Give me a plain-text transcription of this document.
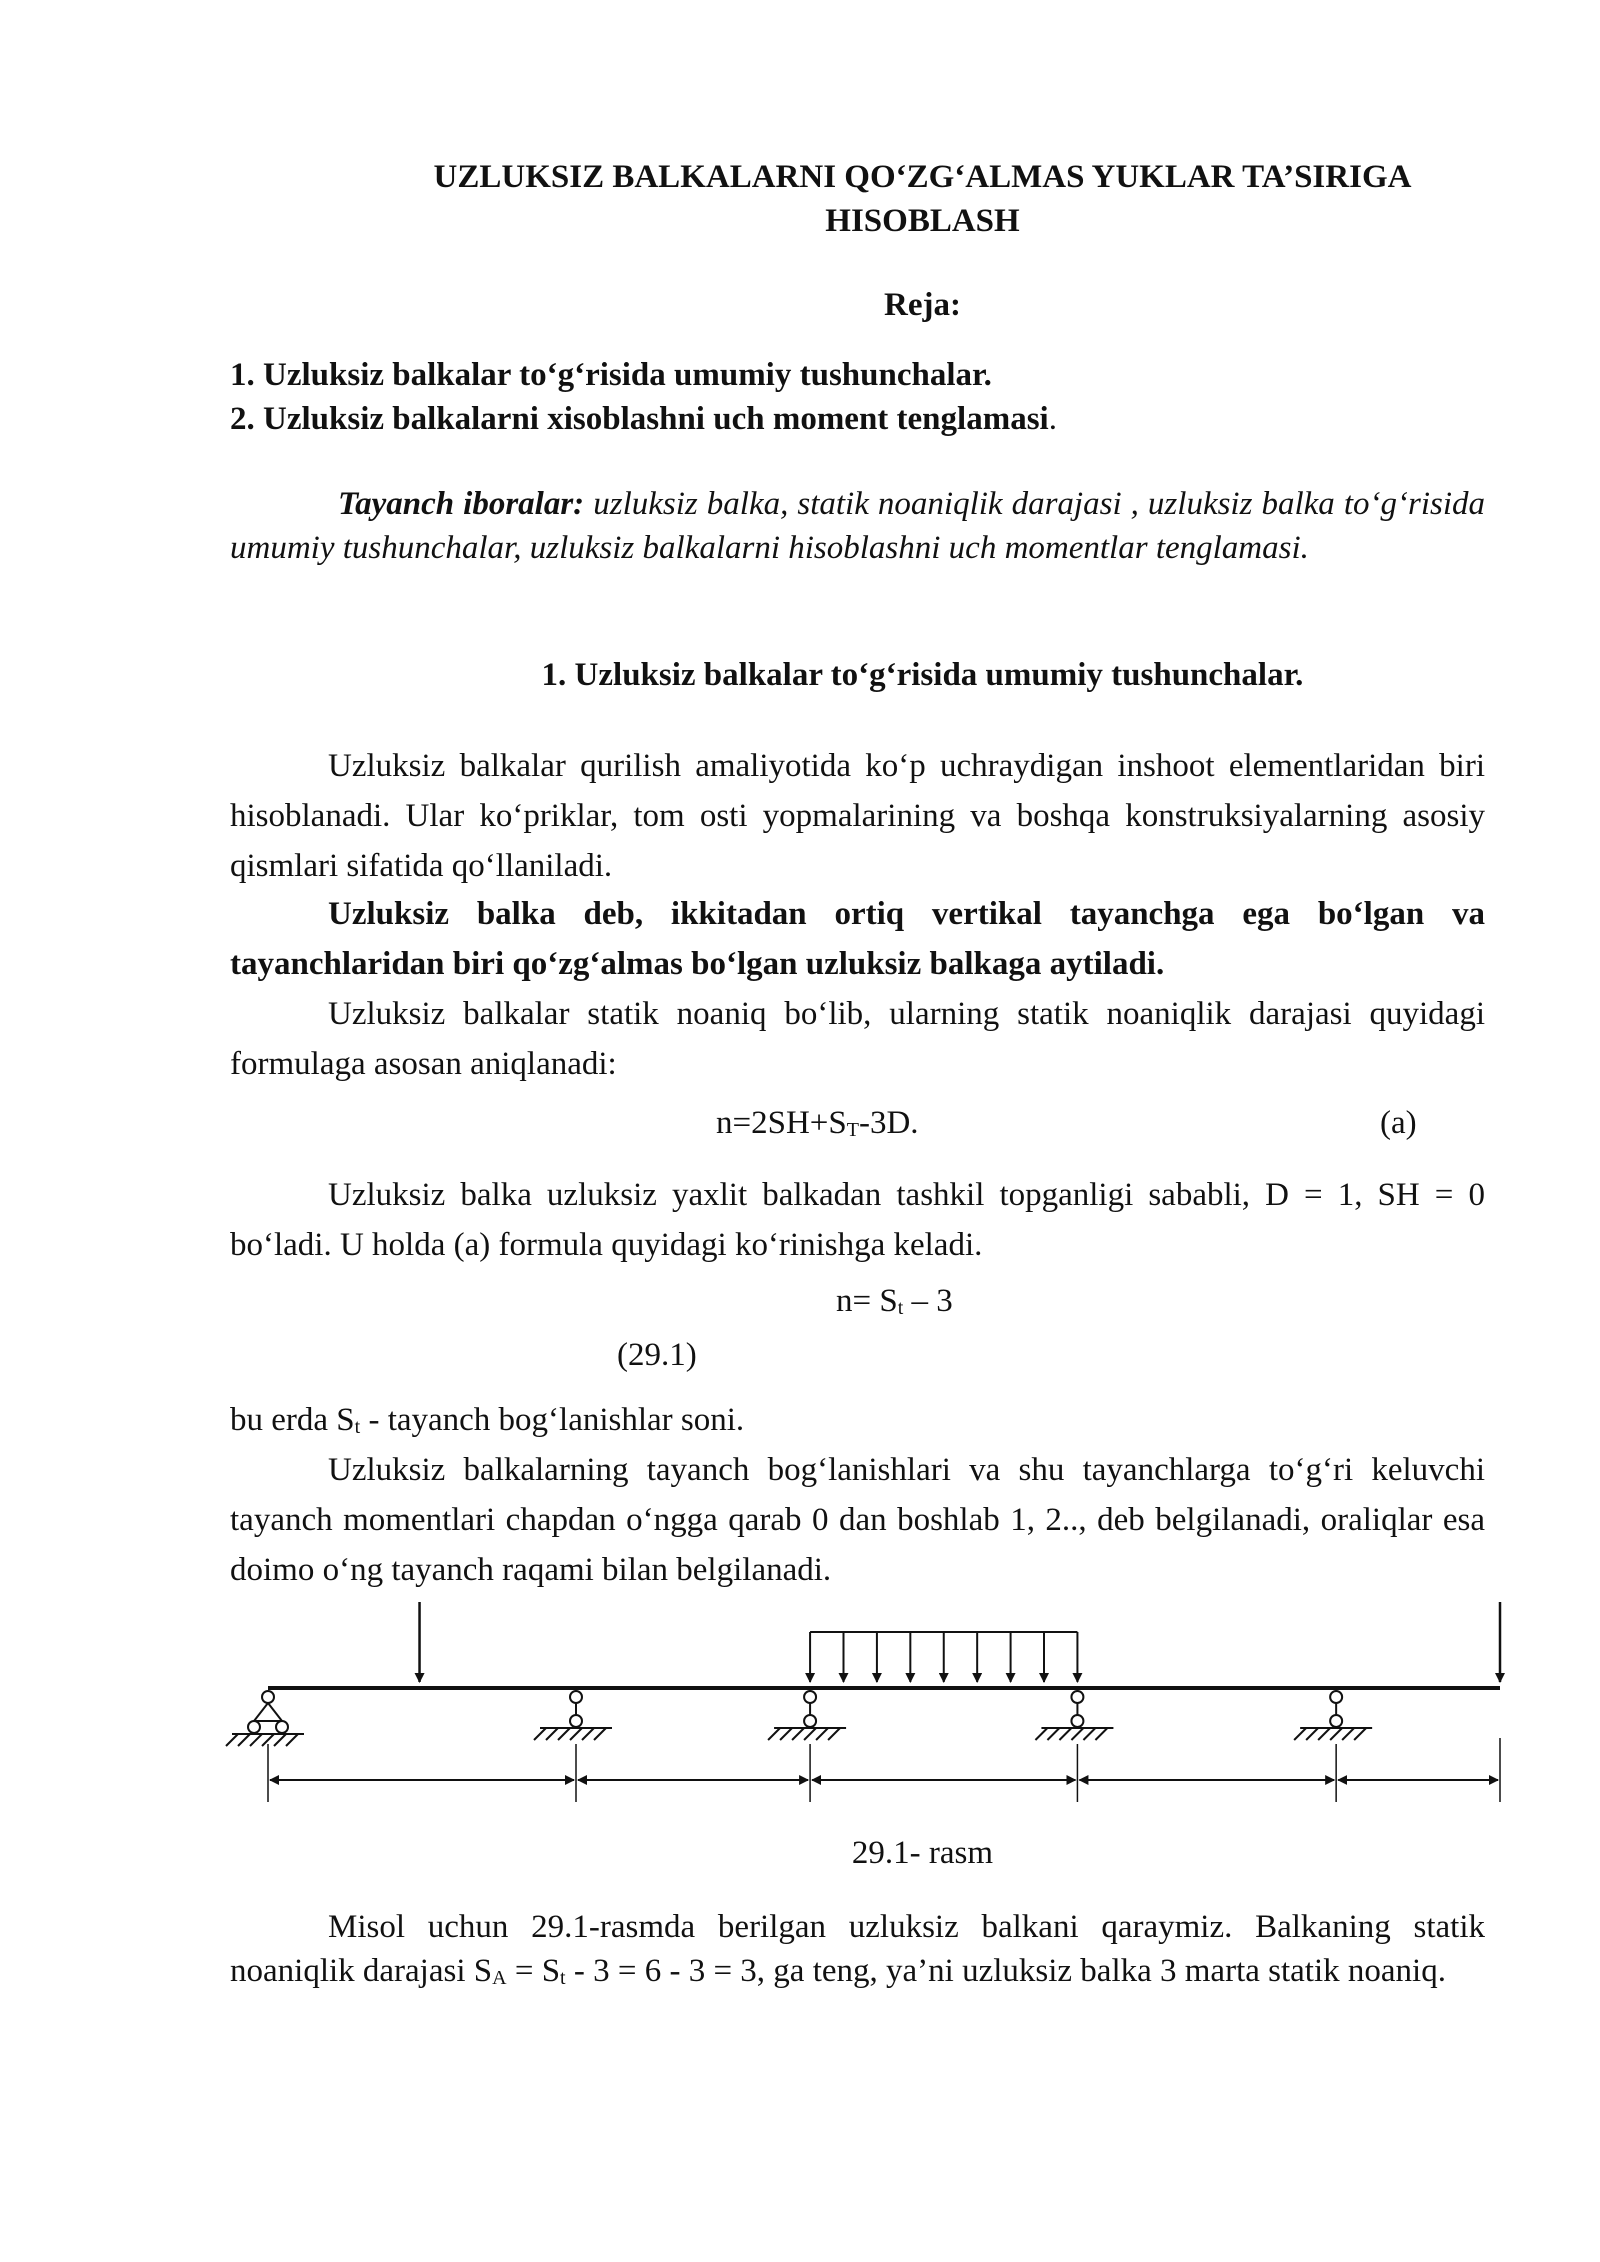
UZLUKSIZ BALKALARNI QO‘ZG‘ALMAS YUKLAR TA’SIRIGA
HISOBLASH
Reja:
1. Uzluksiz balkalar to‘g‘risida umumiy tushunchalar.
2. Uzluksiz balkalarni xisoblashni uch moment tenglamasi.
Tayanch iboralar: uzluksiz balka, statik noaniqlik darajasi , uzluksiz balka to‘g‘risida umumiy tushunchalar, uzluksiz balkalarni hisoblashni uch momentlar tenglamasi.
1. Uzluksiz balkalar to‘g‘risida umumiy tushunchalar.
Uzluksiz balkalar qurilish amaliyotida ko‘p uchraydigan inshoot elementlaridan biri hisoblanadi. Ular ko‘priklar, tom osti yopmalarining va boshqa konstruksiyalarning asosiy qismlari sifatida qo‘llaniladi.
Uzluksiz balka deb, ikkitadan ortiq vertikal tayanchga ega bo‘lgan va tayanchlaridan biri qo‘zg‘almas bo‘lgan uzluksiz balkaga aytiladi.
Uzluksiz balkalar statik noaniq bo‘lib, ularning statik noaniqlik darajasi quyidagi formulaga asosan aniqlanadi:
$n=2SH+S_T-3D$.	(a)
Uzluksiz balka uzluksiz yaxlit balkadan tashkil topganligi sababli, D = 1, SH = 0 bo‘ladi. U holda (a) formula quyidagi ko‘rinishga keladi.
$n= S_t - 3$
(29.1)
bu erda $S_t$ - tayanch bog‘lanishlar soni.
Uzluksiz balkalarning tayanch bog‘lanishlari va shu tayanchlarga to‘g‘ri keluvchi tayanch momentlari chapdan o‘ngga qarab 0 dan boshlab 1, 2.., deb belgilanadi, oraliqlar esa doimo o‘ng tayanch raqami bilan belgilanadi.
29.1- rasm
Misol uchun 29.1-rasmda berilgan uzluksiz balkani qaraymiz. Balkaning statik noaniqlik darajasi $S_A = S_t - 3 = 6 - 3 = 3$, ga teng, ya’ni uzluksiz balka 3 marta statik noaniq.
